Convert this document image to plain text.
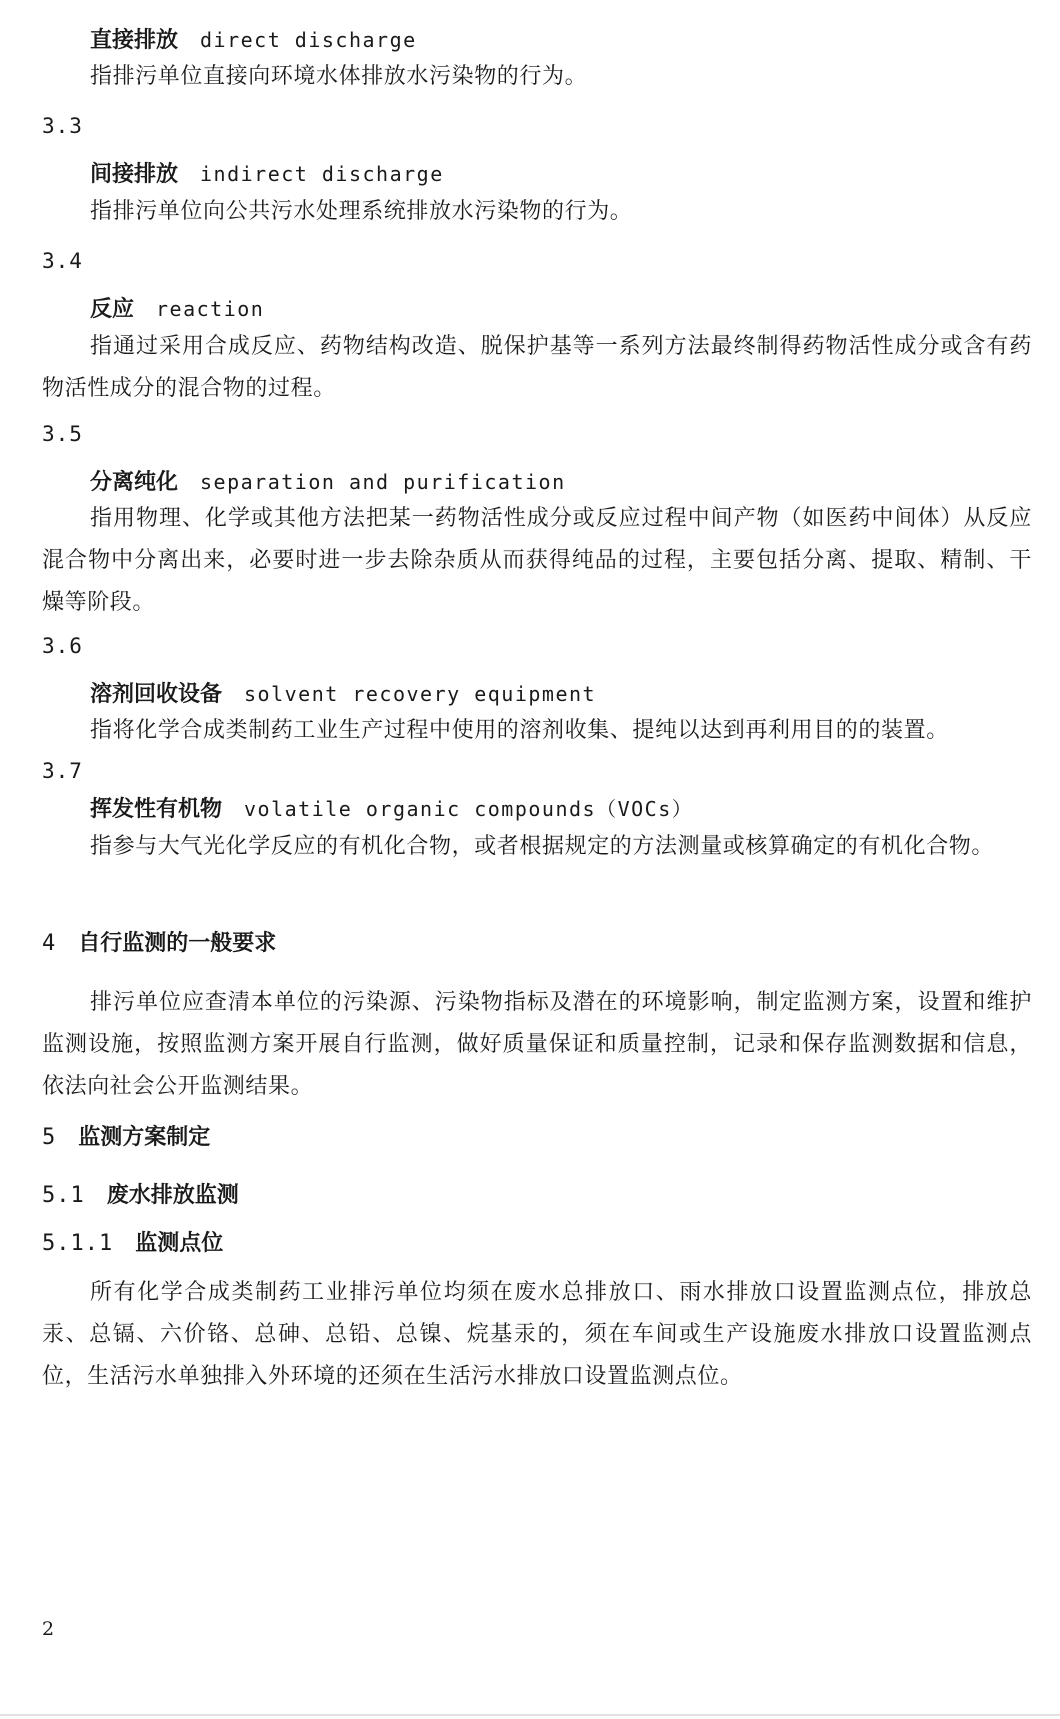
直接排放 direct discharge

指排污单位直接向环境水体排放水污染物的行为。

3.3
间接排放 indirect discharge

指排污单位向公共污水处理系统排放水污染物的行为。

3.4
反应 reaction

指通过采用合成反应、药物结构改造、脱保护基等一系列方法最终制得药物活性成分或含有药物活性成分的混合物的过程。

3.5
分离纯化 separation and purification

指用物理、化学或其他方法把某一药物活性成分或反应过程中间产物（如医药中间体）从反应混合物中分离出来，必要时进一步去除杂质从而获得纯品的过程，主要包括分离、提取、精制、干燥等阶段。

3.6
溶剂回收设备 solvent recovery equipment

指将化学合成类制药工业生产过程中使用的溶剂收集、提纯以达到再利用目的的装置。

3.7
挥发性有机物 volatile organic compounds（VOCs）

指参与大气光化学反应的有机化合物，或者根据规定的方法测量或核算确定的有机化合物。

4 自行监测的一般要求

排污单位应查清本单位的污染源、污染物指标及潜在的环境影响，制定监测方案，设置和维护监测设施，按照监测方案开展自行监测，做好质量保证和质量控制，记录和保存监测数据和信息，依法向社会公开监测结果。

5 监测方案制定
5.1 废水排放监测
5.1.1 监测点位

所有化学合成类制药工业排污单位均须在废水总排放口、雨水排放口设置监测点位，排放总汞、总镉、六价铬、总砷、总铅、总镍、烷基汞的，须在车间或生产设施废水排放口设置监测点位，生活污水单独排入外环境的还须在生活污水排放口设置监测点位。

2
